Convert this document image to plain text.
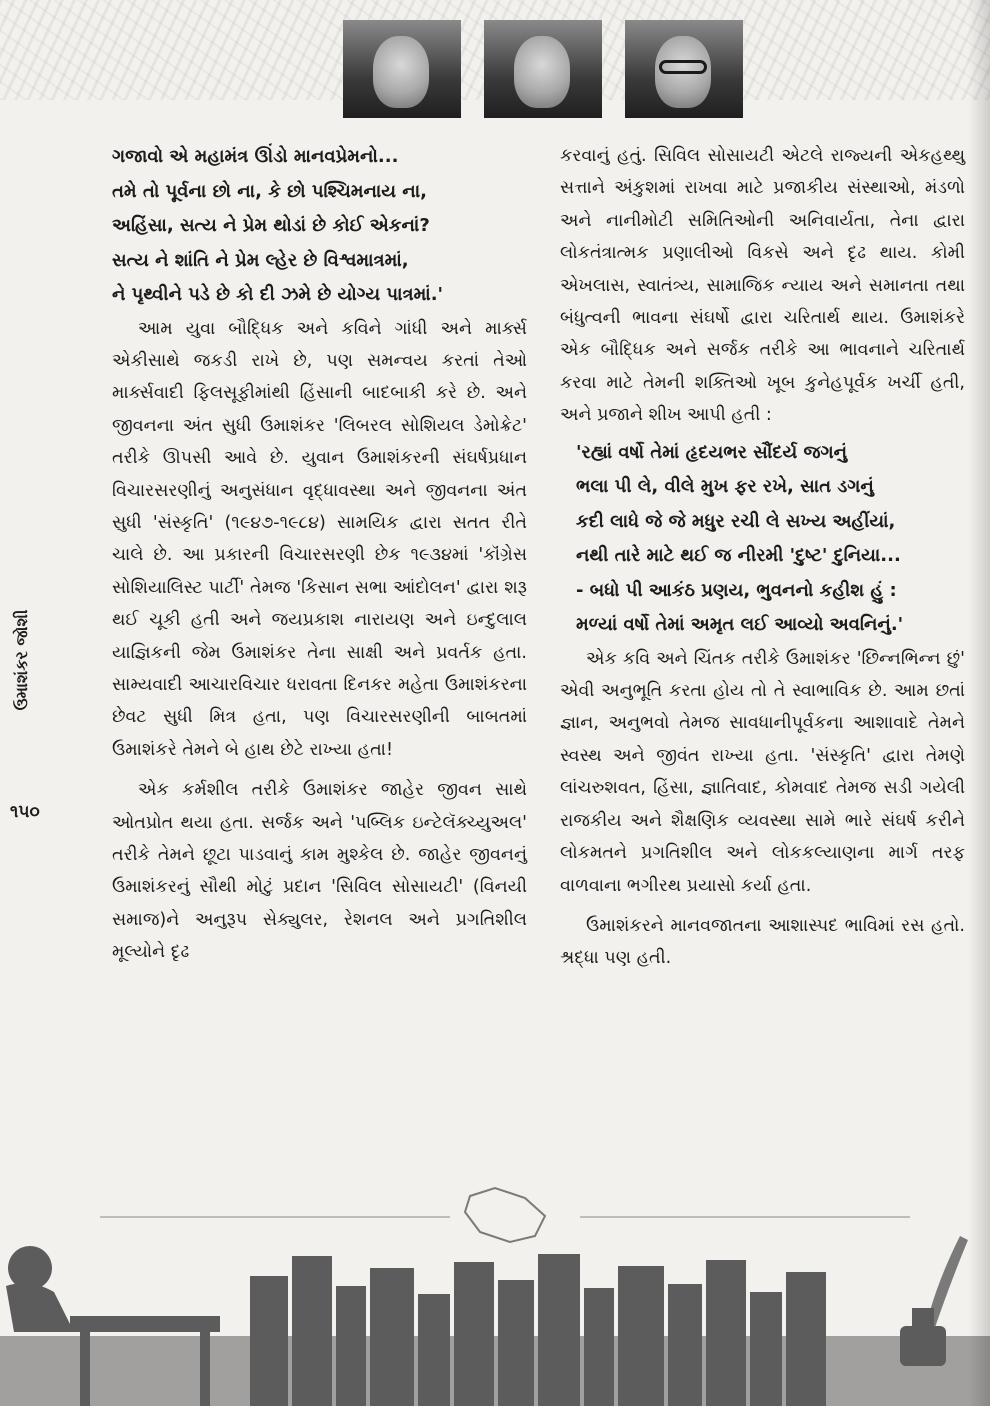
ઉમાશંકર જોશી
૧૫૦
ગજાવો એ મહામંત્ર ઊંડો માનવપ્રેમનો...
તમે તો પૂર્વના છો ના, કે છો પશ્ચિમનાય ના,
અહિંસા, સત્ય ને પ્રેમ થોડાં છે કોઈ એકનાં?
સત્ય ને શાંતિ ને પ્રેમ લ્હેર છે વિશ્વમાત્રમાં,
ને પૃથ્વીને પડે છે કો દી ઝમે છે યોગ્ય પાત્રમાં.'

આમ યુવા બૌદ્ધિક અને કવિને ગાંધી અને માર્ક્સ એકીસાથે જકડી રાખે છે, પણ સમન્વય કરતાં તેઓ માર્ક્સવાદી ફિલસૂફીમાંથી હિંસાની બાદબાકી કરે છે. અને જીવનના અંત સુધી ઉમાશંકર 'લિબરલ સોશિયલ ડેમોક્રેટ' તરીકે ઊપસી આવે છે. યુવાન ઉમાશંકરની સંઘર્ષપ્રધાન વિચારસરણીનું અનુસંધાન વૃદ્ધાવસ્થા અને જીવનના અંત સુધી 'સંસ્કૃતિ' (૧૯૪૭-૧૯૮૪) સામયિક દ્વારા સતત રીતે ચાલે છે. આ પ્રકારની વિચારસરણી છેક ૧૯૩૪માં 'કૉંગ્રેસ સોશિયાલિસ્ટ પાર્ટી' તેમજ 'કિસાન સભા આંદોલન' દ્વારા શરૂ થઈ ચૂકી હતી અને જયપ્રકાશ નારાયણ અને ઇન્દુલાલ યાજ્ઞિકની જેમ ઉમાશંકર તેના સાક્ષી અને પ્રવર્તક હતા. સામ્યવાદી આચારવિચાર ધરાવતા દિનકર મહેતા ઉમાશંકરના છેવટ સુધી મિત્ર હતા, પણ વિચારસરણીની બાબતમાં ઉમાશંકરે તેમને બે હાથ છેટે રાખ્યા હતા!

એક કર્મશીલ તરીકે ઉમાશંકર જાહેર જીવન સાથે ઓતપ્રોત થયા હતા. સર્જક અને 'પબ્લિક ઇન્ટેલૅક્ચ્યુઅલ' તરીકે તેમને છૂટા પાડવાનું કામ મુશ્કેલ છે. જાહેર જીવનનું ઉમાશંકરનું સૌથી મોટું પ્રદાન 'સિવિલ સોસાયટી' (વિનયી સમાજ)ને અનુરૂપ સેક્યુલર, રેશનલ અને પ્રગતિશીલ મૂલ્યોને દૃઢ

કરવાનું હતું. સિવિલ સોસાયટી એટલે રાજ્યની એકહથ્થુ સત્તાને અંકુશમાં રાખવા માટે પ્રજાકીય સંસ્થાઓ, મંડળો અને નાનીમોટી સમિતિઓની અનિવાર્યતા, તેના દ્વારા લોકતંત્રાત્મક પ્રણાલીઓ વિકસે અને દૃઢ થાય. કોમી એખલાસ, સ્વાતંત્ર્ય, સામાજિક ન્યાય અને સમાનતા તથા બંધુત્વની ભાવના સંઘર્ષો દ્વારા ચરિતાર્થ થાય. ઉમાશંકરે એક બૌદ્ધિક અને સર્જક તરીકે આ ભાવનાને ચરિતાર્થ કરવા માટે તેમની શક્તિઓ ખૂબ કુનેહપૂર્વક ખર્ચી હતી, અને પ્રજાને શીખ આપી હતી :

'રહ્યાં વર્ષો તેમાં હૃદયભર સૌંદર્ય જગનું
ભલા પી લે, વીલે મુખ ફર રખે, સાત ડગનું
કદી લાધે જે જે મધુર રચી લે સખ્ય અહીંયાં,
નથી તારે માટે થઈ જ નીરમી 'દુષ્ટ' દુનિયા...
- બધો પી આકંઠ પ્રણય, ભુવનનો કહીશ હું :
મળ્યાં વર્ષો તેમાં અમૃત લઈ આવ્યો અવનિનું.'

એક કવિ અને ચિંતક તરીકે ઉમાશંકર 'છિન્નભિન્ન છું' એવી અનુભૂતિ કરતા હોય તો તે સ્વાભાવિક છે. આમ છતાં જ્ઞાન, અનુભવો તેમજ સાવધાનીપૂર્વકના આશાવાદે તેમને સ્વસ્થ અને જીવંત રાખ્યા હતા. 'સંસ્કૃતિ' દ્વારા તેમણે લાંચરુશવત, હિંસા, જ્ઞાતિવાદ, કોમવાદ તેમજ સડી ગયેલી રાજકીય અને શૈક્ષણિક વ્યવસ્થા સામે ભારે સંઘર્ષ કરીને લોકમતને પ્રગતિશીલ અને લોકકલ્યાણના માર્ગ તરફ વાળવાના ભગીરથ પ્રયાસો કર્યા હતા.

ઉમાશંકરને માનવજાતના આશાસ્પદ ભાવિમાં રસ હતો. શ્રદ્ધા પણ હતી.
